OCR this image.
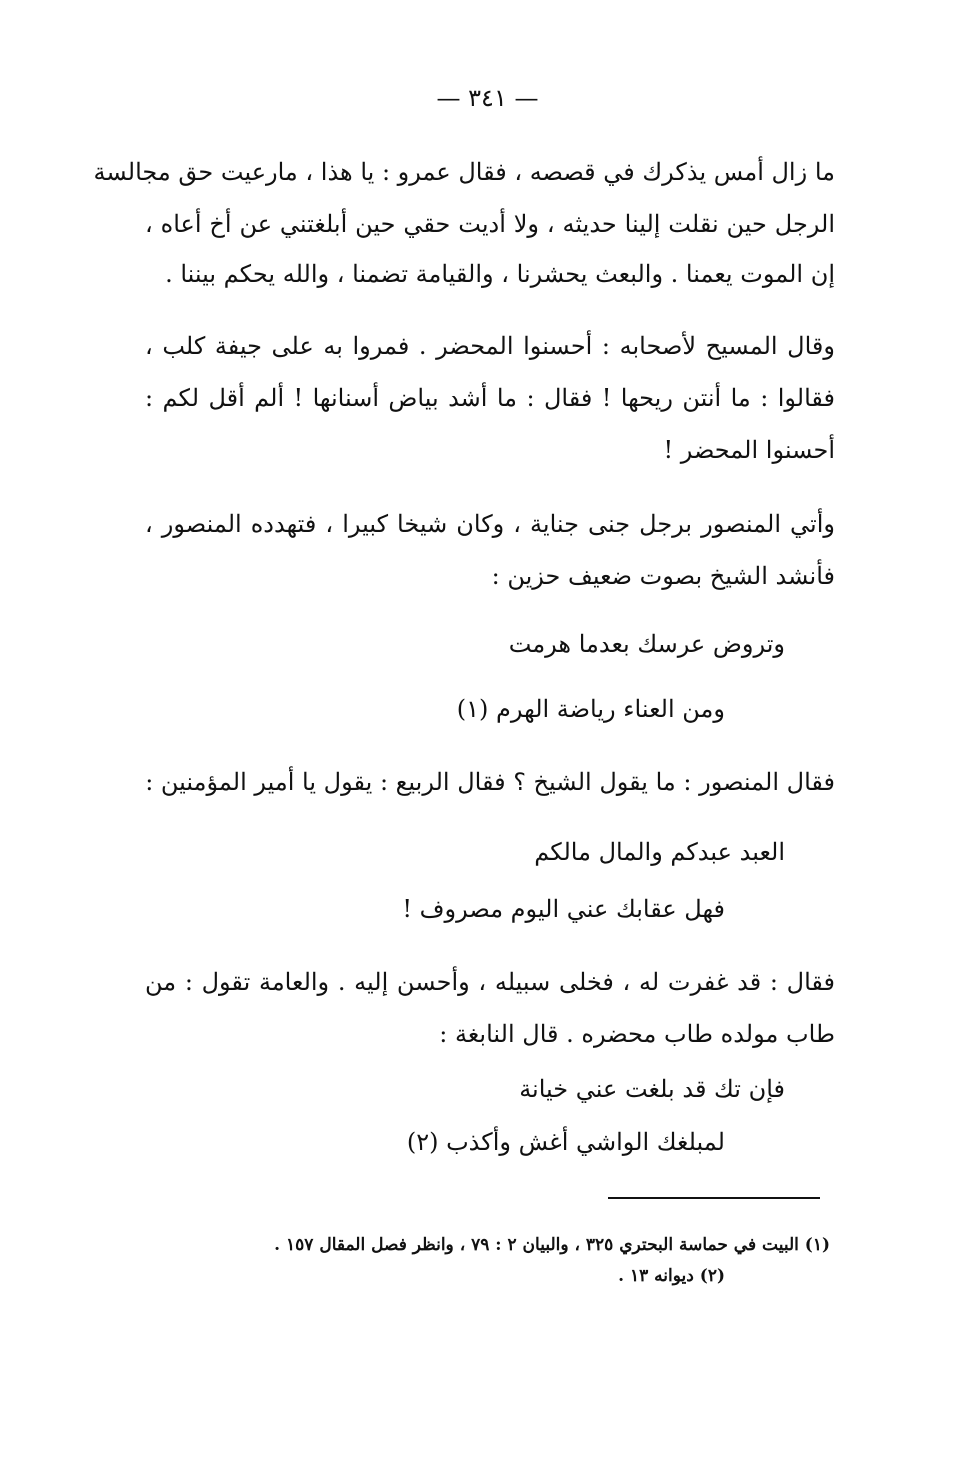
— ٣٤١ —
ما زال أمس يذكرك في قصصه ، فقال عمرو : يا هذا ، مارعيت حق مجالسة
الرجل حين نقلت إلينا حديثه ، ولا أديت حقي حين أبلغتني عن أخ أعاه ،
إن الموت يعمنا . والبعث يحشرنا ، والقيامة تضمنا ، والله يحكم بيننا .
وقال المسيح لأصحابه : أحسنوا المحضر . فمروا به على جيفة كلب ،
فقالوا : ما أنتن ريحها ! فقال : ما أشد بياض أسنانها ! ألم أقل لكم :
أحسنوا المحضر !
وأتي المنصور برجل جنى جناية ، وكان شيخا كبيرا ، فتهدده المنصور ،
فأنشد الشيخ بصوت ضعيف حزين :
وتروض عرسك بعدما هرمت
ومن العناء رياضة الهرم (١)
فقال المنصور : ما يقول الشيخ ؟ فقال الربيع : يقول يا أمير المؤمنين :
العبد عبدكم والمال مالكم
فهل عقابك عني اليوم مصروف !
فقال : قد غفرت له ، فخلى سبيله ، وأحسن إليه . والعامة تقول : من
طاب مولده طاب محضره . قال النابغة :
فإن تك قد بلغت عني خيانة
لمبلغك الواشي أغش وأكذب (٢)
(١) البيت في حماسة البحتري ٣٢٥ ، والبيان ٢ : ٧٩ ، وانظر فصل المقال ١٥٧ .
(٢) ديوانه ١٣ .
